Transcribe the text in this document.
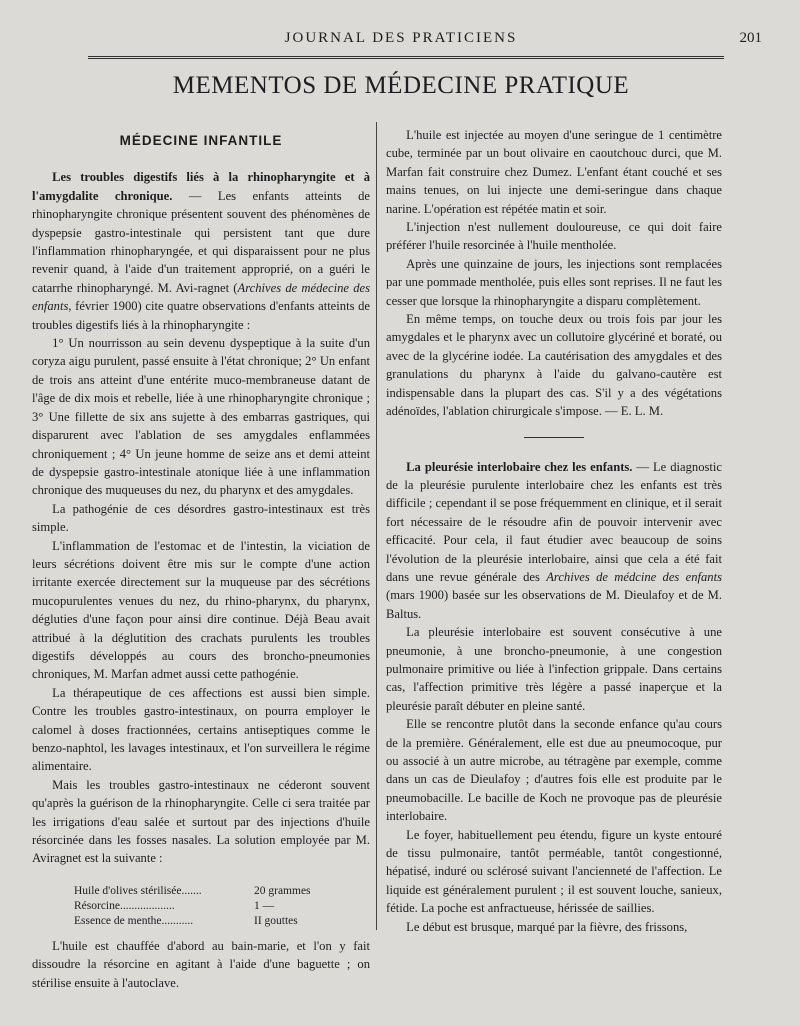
JOURNAL DES PRATICIENS	201
MEMENTOS DE MÉDECINE PRATIQUE
MÉDECINE INFANTILE

Les troubles digestifs liés à la rhinopharyngite et à l'amygdalite chronique. — Les enfants atteints de rhinopharyngite chronique présentent souvent des phénomènes de dyspepsie gastro-intestinale qui persistent tant que dure l'inflammation rhinopharyngée, et qui disparaissent pour ne plus revenir quand, à l'aide d'un traitement approprié, on a guéri le catarrhe rhinopharyngé. M. Avi-ragnet (Archives de médecine des enfants, février 1900) cite quatre observations d'enfants atteints de troubles digestifs liés à la rhinopharyngite :

1° Un nourrisson au sein devenu dyspeptique à la suite d'un coryza aigu purulent, passé ensuite à l'état chronique; 2° Un enfant de trois ans atteint d'une entérite muco-membraneuse datant de l'âge de dix mois et rebelle, liée à une rhinopharyngite chronique ; 3° Une fillette de six ans sujette à des embarras gastriques, qui disparurent avec l'ablation de ses amygdales enflammées chroniquement ; 4° Un jeune homme de seize ans et demi atteint de dyspepsie gastro-intestinale atonique liée à une inflammation chronique des muqueuses du nez, du pharynx et des amygdales.

La pathogénie de ces désordres gastro-intestinaux est très simple.

L'inflammation de l'estomac et de l'intestin, la viciation de leurs sécrétions doivent être mis sur le compte d'une action irritante exercée directement sur la muqueuse par des sécrétions mucopurulentes venues du nez, du rhino-pharynx, du pharynx, dégluties d'une façon pour ainsi dire continue. Déjà Beau avait attribué à la déglutition des crachats purulents les troubles digestifs développés au cours des broncho-pneumonies chroniques, M. Marfan admet aussi cette pathogénie.

La thérapeutique de ces affections est aussi bien simple. Contre les troubles gastro-intestinaux, on pourra employer le calomel à doses fractionnées, certains antiseptiques comme le benzo-naphtol, les lavages intestinaux, et l'on surveillera le régime alimentaire.

Mais les troubles gastro-intestinaux ne céderont souvent qu'après la guérison de la rhinopharyngite. Celle ci sera traitée par les irrigations d'eau salée et surtout par des injections d'huile résorcinée dans les fosses nasales. La solution employée par M. Aviragnet est la suivante :

Huile d'olives stérilisée.......	20 grammes
Résorcine...................	1 —
Essence de menthe...........	II gouttes

L'huile est chauffée d'abord au bain-marie, et l'on y fait dissoudre la résorcine en agitant à l'aide d'une baguette ; on stérilise ensuite à l'autoclave.

L'huile est injectée au moyen d'une seringue de 1 centimètre cube, terminée par un bout olivaire en caoutchouc durci, que M. Marfan fait construire chez Dumez. L'enfant étant couché et ses mains tenues, on lui injecte une demi-seringue dans chaque narine. L'opération est répétée matin et soir.

L'injection n'est nullement douloureuse, ce qui doit faire préférer l'huile resorcinée à l'huile mentholée.

Après une quinzaine de jours, les injections sont remplacées par une pommade mentholée, puis elles sont reprises. Il ne faut les cesser que lorsque la rhinopharyngite a disparu complètement.

En même temps, on touche deux ou trois fois par jour les amygdales et le pharynx avec un collutoire glycériné et boraté, ou avec de la glycérine iodée. La cautérisation des amygdales et des granulations du pharynx à l'aide du galvano-cautère est indispensable dans la plupart des cas. S'il y a des végétations adénoïdes, l'ablation chirurgicale s'impose. — E. L. M.

La pleurésie interlobaire chez les enfants. — Le diagnostic de la pleurésie purulente interlobaire chez les enfants est très difficile ; cependant il se pose fréquemment en clinique, et il serait fort nécessaire de le résoudre afin de pouvoir intervenir avec efficacité. Pour cela, il faut étudier avec beaucoup de soins l'évolution de la pleurésie interlobaire, ainsi que cela a été fait dans une revue générale des Archives de médcine des enfants (mars 1900) basée sur les observations de M. Dieulafoy et de M. Baltus.

La pleurésie interlobaire est souvent consécutive à une pneumonie, à une broncho-pneumonie, à une congestion pulmonaire primitive ou liée à l'infection grippale. Dans certains cas, l'affection primitive très légère a passé inaperçue et la pleurésie paraît débuter en pleine santé.

Elle se rencontre plutôt dans la seconde enfance qu'au cours de la première. Généralement, elle est due au pneumocoque, pur ou associé à un autre microbe, au tétragène par exemple, comme dans un cas de Dieulafoy ; d'autres fois elle est produite par le pneumobacille. Le bacille de Koch ne provoque pas de pleurésie interlobaire.

Le foyer, habituellement peu étendu, figure un kyste entouré de tissu pulmonaire, tantôt perméable, tantôt congestionné, hépatisé, induré ou sclérosé suivant l'ancienneté de l'affection. Le liquide est généralement purulent ; il est souvent louche, sanieux, fétide. La poche est anfractueuse, hérissée de saillies.

Le début est brusque, marqué par la fièvre, des frissons,
